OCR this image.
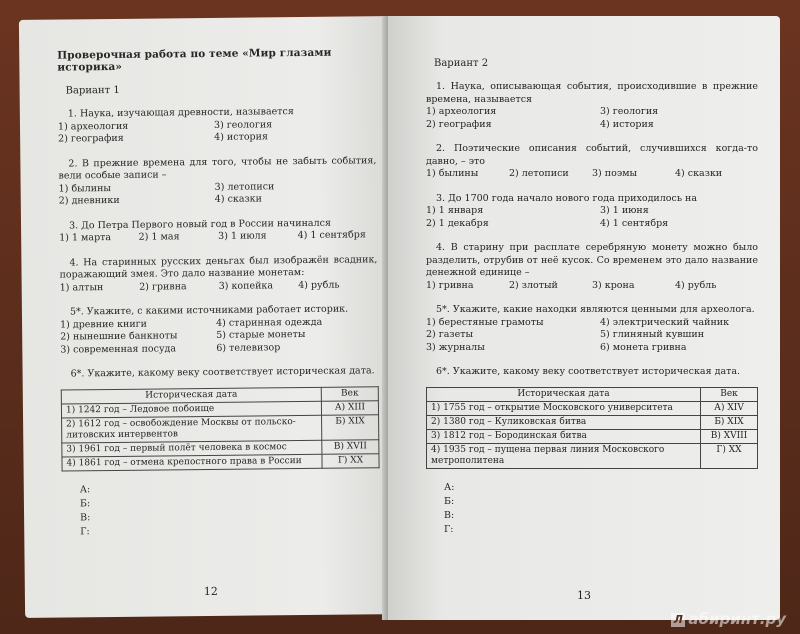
Проверочная работа по теме «Мир глазами историка»
Вариант 1
1. Наука, изучающая древности, называется
1) археология	3) геология
2) география	4) история
2. В прежние времена для того, чтобы не забыть события, вели особые записи –
1) былины	3) летописи
2) дневники	4) сказки
3. До Петра Первого новый год в России начинался
1) 1 марта	2) 1 мая	3) 1 июля	4) 1 сентября
4. На старинных русских деньгах был изображён всадник, поражающий змея. Это дало название монетам:
1) алтын	2) гривна	3) копейка	4) рубль
5*. Укажите, с какими источниками работает историк.
1) древние книги	4) старинная одежда
2) нынешние банкноты	5) старые монеты
3) современная посуда	6) телевизор
6*. Укажите, какому веку соответствует историческая дата.
Историческая дата	Век
1) 1242 год – Ледовое побоище	А) XIII
2) 1612 год – освобождение Москвы от польско-литовских интервентов	Б) XIX
3) 1961 год – первый полёт человека в космос	В) XVII
4) 1861 год – отмена крепостного права в России	Г) XX
А:
Б:
В:
Г:
12
Вариант 2
1. Наука, описывающая события, происходившие в прежние времена, называется
1) археология	3) геология
2) география	4) история
2. Поэтические описания событий, случившихся когда-то давно, – это
1) былины	2) летописи	3) поэмы	4) сказки
3. До 1700 года начало нового года приходилось на
1) 1 января	3) 1 июня
2) 1 декабря	4) 1 сентября
4. В старину при расплате серебряную монету можно было разделить, отрубив от неё кусок. Со временем это дало название денежной единице –
1) гривна	2) злотый	3) крона	4) рубль
5*. Укажите, какие находки являются ценными для археолога.
1) берестяные грамоты	4) электрический чайник
2) газеты	5) глиняный кувшин
3) журналы	6) монета гривна
6*. Укажите, какому веку соответствует историческая дата.
Историческая дата	Век
1) 1755 год – открытие Московского университета	А) XIV
2) 1380 год – Куликовская битва	Б) XIX
3) 1812 год – Бородинская битва	В) XVIII
4) 1935 год – пущена первая линия Московского метрополитена	Г) XX
А:
Б:
В:
Г:
13
Л абиринт.ру
